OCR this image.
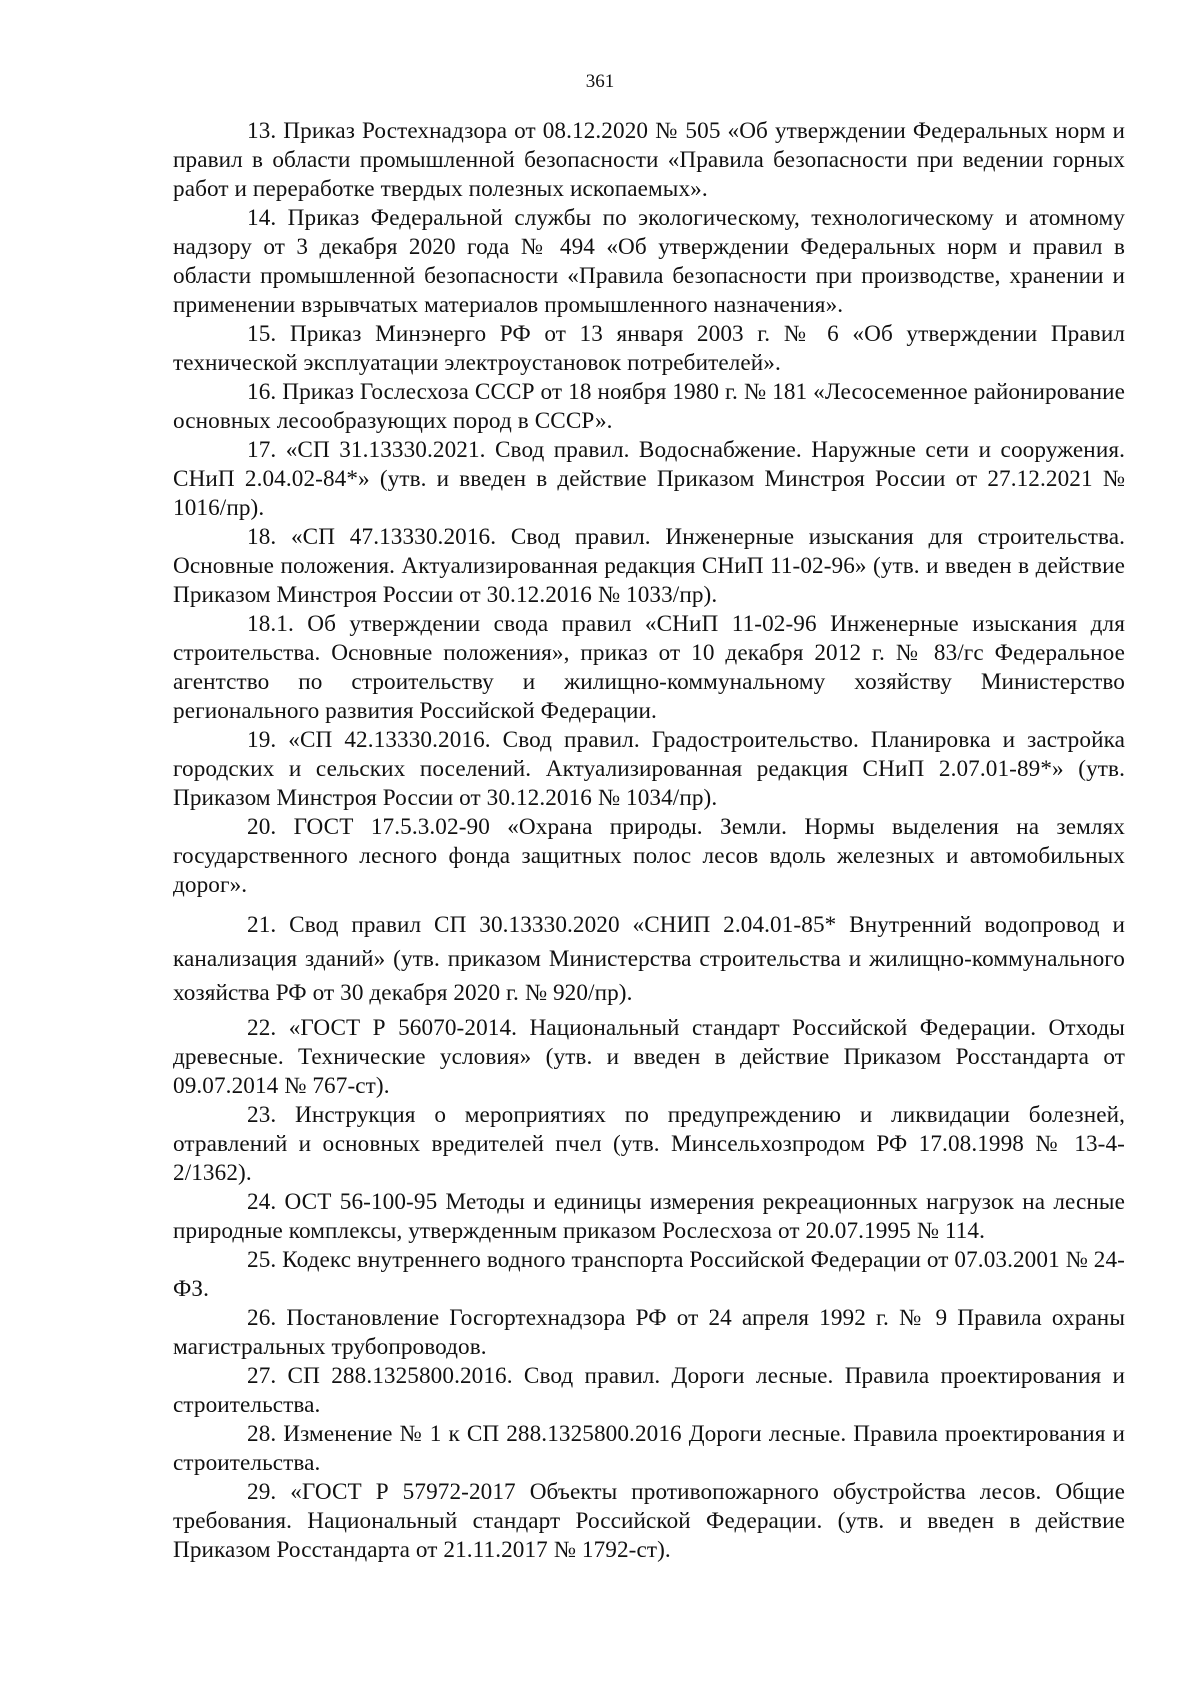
361

13. Приказ Ростехнадзора от 08.12.2020 № 505 «Об утверждении Федеральных норм и правил в области промышленной безопасности «Правила безопасности при ведении горных работ и переработке твердых полезных ископаемых».

14. Приказ Федеральной службы по экологическому, технологическому и атомному надзору от 3 декабря 2020 года № 494 «Об утверждении Федеральных норм и правил в области промышленной безопасности «Правила безопасности при производстве, хранении и применении взрывчатых материалов промышленного назначения».

15. Приказ Минэнерго РФ от 13 января 2003 г. № 6 «Об утверждении Правил технической эксплуатации электроустановок потребителей».

16. Приказ Гослесхоза СССР от 18 ноября 1980 г. № 181 «Лесосеменное районирование основных лесообразующих пород в СССР».

17. «СП 31.13330.2021. Свод правил. Водоснабжение. Наружные сети и сооружения. СНиП 2.04.02-84*» (утв. и введен в действие Приказом Минстроя России от 27.12.2021 № 1016/пр).

18. «СП 47.13330.2016. Свод правил. Инженерные изыскания для строительства. Основные положения. Актуализированная редакция СНиП 11-02-96» (утв. и введен в действие Приказом Минстроя России от 30.12.2016 № 1033/пр).

18.1. Об утверждении свода правил «СНиП 11-02-96 Инженерные изыскания для строительства. Основные положения», приказ от 10 декабря 2012 г. № 83/гс Федеральное агентство по строительству и жилищно-коммунальному хозяйству Министерство регионального развития Российской Федерации.

19. «СП 42.13330.2016. Свод правил. Градостроительство. Планировка и застройка городских и сельских поселений. Актуализированная редакция СНиП 2.07.01-89*» (утв. Приказом Минстроя России от 30.12.2016 № 1034/пр).

20. ГОСТ 17.5.3.02-90 «Охрана природы. Земли. Нормы выделения на землях государственного лесного фонда защитных полос лесов вдоль железных и автомобильных дорог».

21. Свод правил СП 30.13330.2020 «СНИП 2.04.01-85* Внутренний водопровод и канализация зданий» (утв. приказом Министерства строительства и жилищно-коммунального хозяйства РФ от 30 декабря 2020 г. № 920/пр).

22. «ГОСТ Р 56070-2014. Национальный стандарт Российской Федерации. Отходы древесные. Технические условия» (утв. и введен в действие Приказом Росстандарта от 09.07.2014 № 767-ст).

23. Инструкция о мероприятиях по предупреждению и ликвидации болезней, отравлений и основных вредителей пчел (утв. Минсельхозпродом РФ 17.08.1998 № 13-4-2/1362).

24. ОСТ 56-100-95 Методы и единицы измерения рекреационных нагрузок на лесные природные комплексы, утвержденным приказом Рослесхоза от 20.07.1995 № 114.

25. Кодекс внутреннего водного транспорта Российской Федерации от 07.03.2001 № 24-ФЗ.

26. Постановление Госгортехнадзора РФ от 24 апреля 1992 г. № 9 Правила охраны магистральных трубопроводов.

27. СП 288.1325800.2016. Свод правил. Дороги лесные. Правила проектирования и строительства.

28. Изменение № 1 к СП 288.1325800.2016 Дороги лесные. Правила проектирования и строительства.

29. «ГОСТ Р 57972-2017 Объекты противопожарного обустройства лесов. Общие требования. Национальный стандарт Российской Федерации. (утв. и введен в действие Приказом Росстандарта от 21.11.2017 № 1792-ст).
